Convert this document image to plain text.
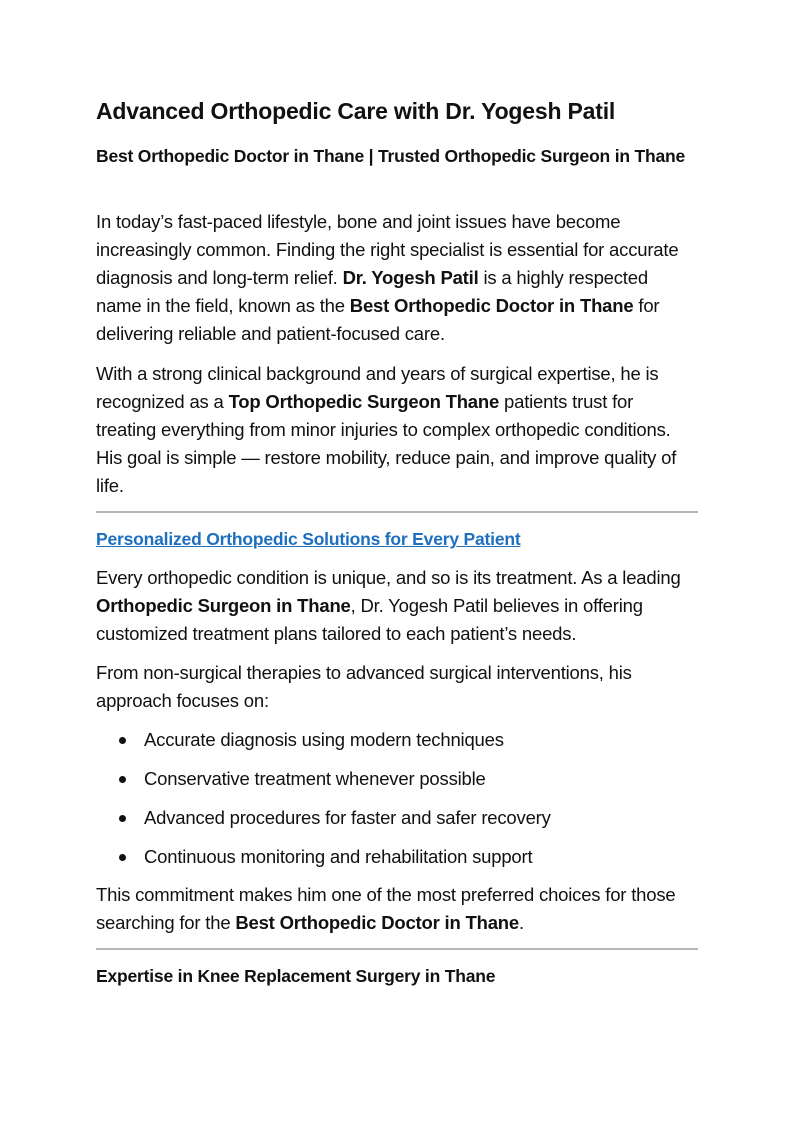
Advanced Orthopedic Care with Dr. Yogesh Patil
Best Orthopedic Doctor in Thane | Trusted Orthopedic Surgeon in Thane
In today’s fast-paced lifestyle, bone and joint issues have become increasingly common. Finding the right specialist is essential for accurate diagnosis and long-term relief. Dr. Yogesh Patil is a highly respected name in the field, known as the Best Orthopedic Doctor in Thane for delivering reliable and patient-focused care.
With a strong clinical background and years of surgical expertise, he is recognized as a Top Orthopedic Surgeon Thane patients trust for treating everything from minor injuries to complex orthopedic conditions. His goal is simple — restore mobility, reduce pain, and improve quality of life.
Personalized Orthopedic Solutions for Every Patient
Every orthopedic condition is unique, and so is its treatment. As a leading Orthopedic Surgeon in Thane, Dr. Yogesh Patil believes in offering customized treatment plans tailored to each patient’s needs.
From non-surgical therapies to advanced surgical interventions, his approach focuses on:
Accurate diagnosis using modern techniques
Conservative treatment whenever possible
Advanced procedures for faster and safer recovery
Continuous monitoring and rehabilitation support
This commitment makes him one of the most preferred choices for those searching for the Best Orthopedic Doctor in Thane.
Expertise in Knee Replacement Surgery in Thane
